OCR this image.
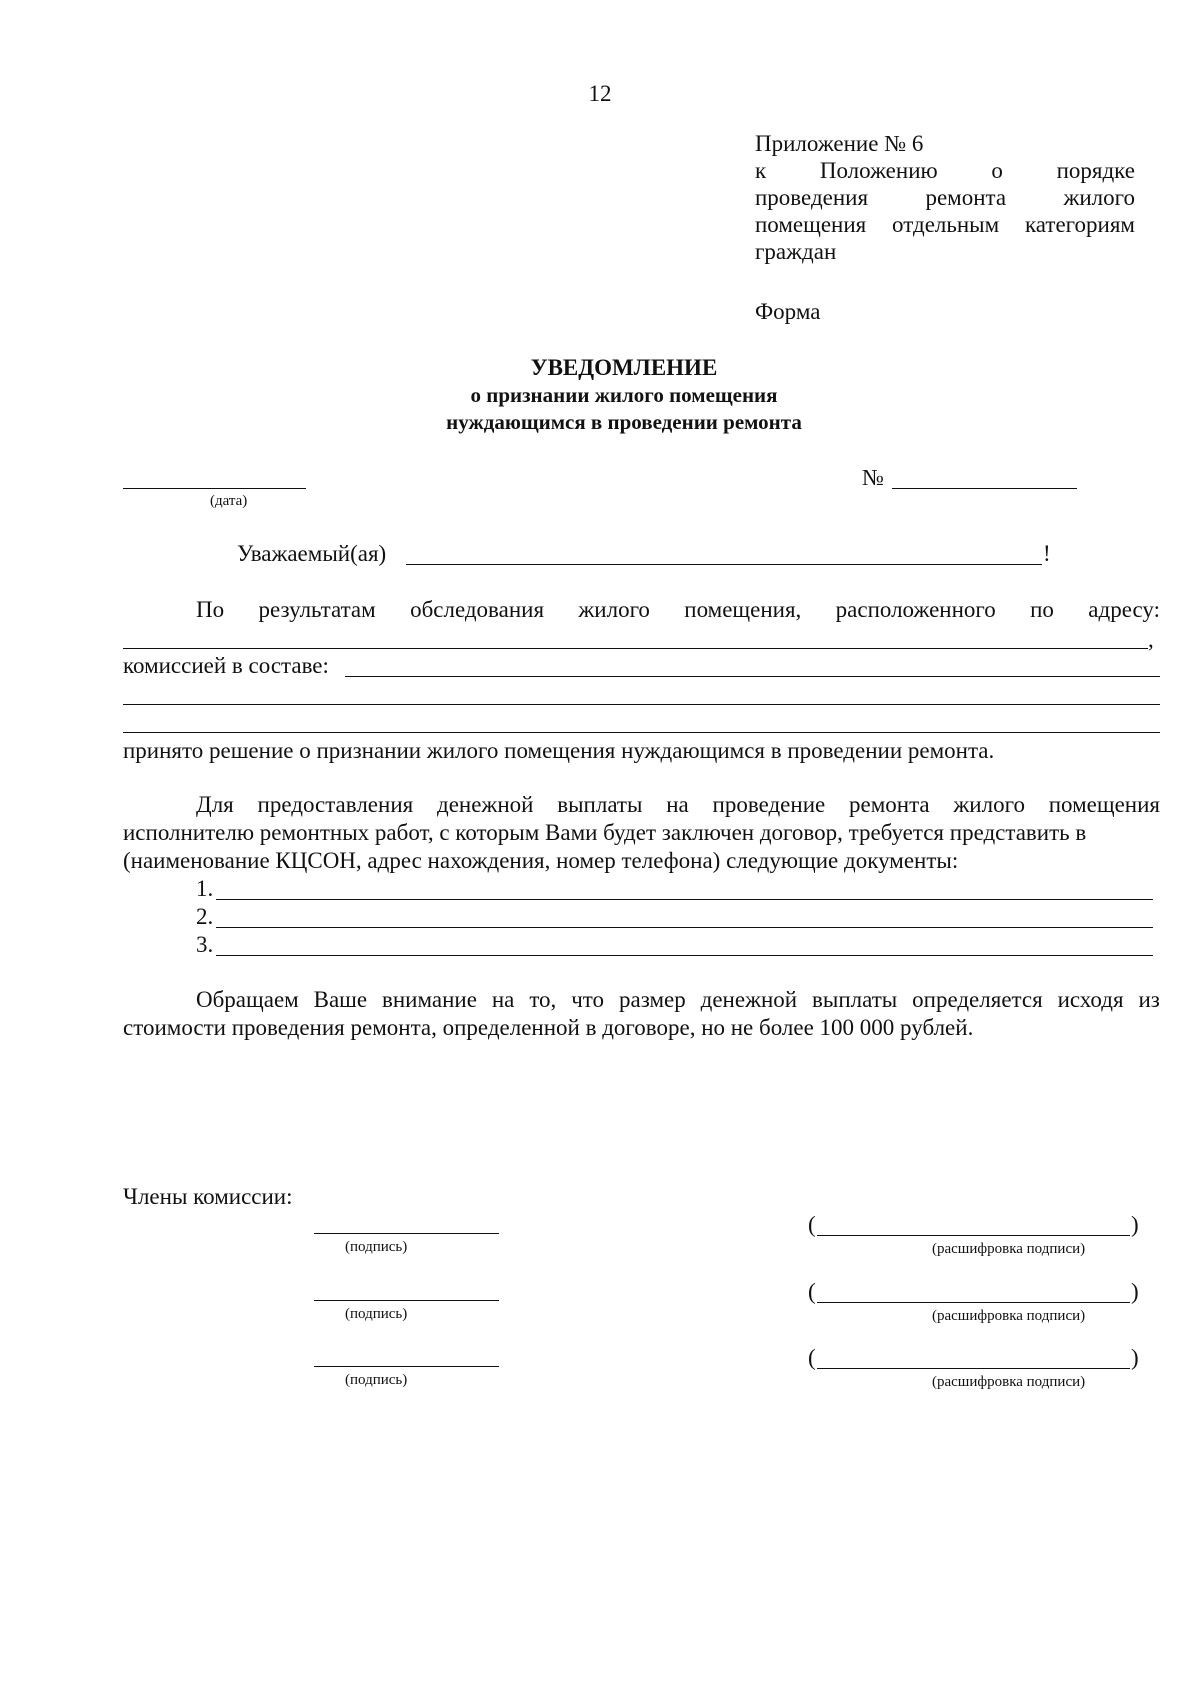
12
Приложение № 6
к Положению о порядке
проведения ремонта жилого
помещения отдельным категориям
граждан
Форма
УВЕДОМЛЕНИЕ
о признании жилого помещения
нуждающимся в проведении ремонта
(дата)
№
Уважаемый(ая)	!
По результатам обследования жилого помещения, расположенного по адресу:
,
комиссией в составе:
принято решение о признании жилого помещения нуждающимся в проведении ремонта.
Для предоставления денежной выплаты на проведение ремонта жилого помещения
исполнителю ремонтных работ, с которым Вами будет заключен договор, требуется представить в
(наименование КЦСОН, адрес нахождения, номер телефона) следующие документы:
1.
2.
3.
Обращаем Ваше внимание на то, что размер денежной выплаты определяется исходя из
стоимости проведения ремонта, определенной в договоре, но не более 100 000 рублей.
Члены комиссии:
(подпись)
(	)
(расшифровка подписи)
(подпись)
(	)
(расшифровка подписи)
(подпись)
(	)
(расшифровка подписи)
